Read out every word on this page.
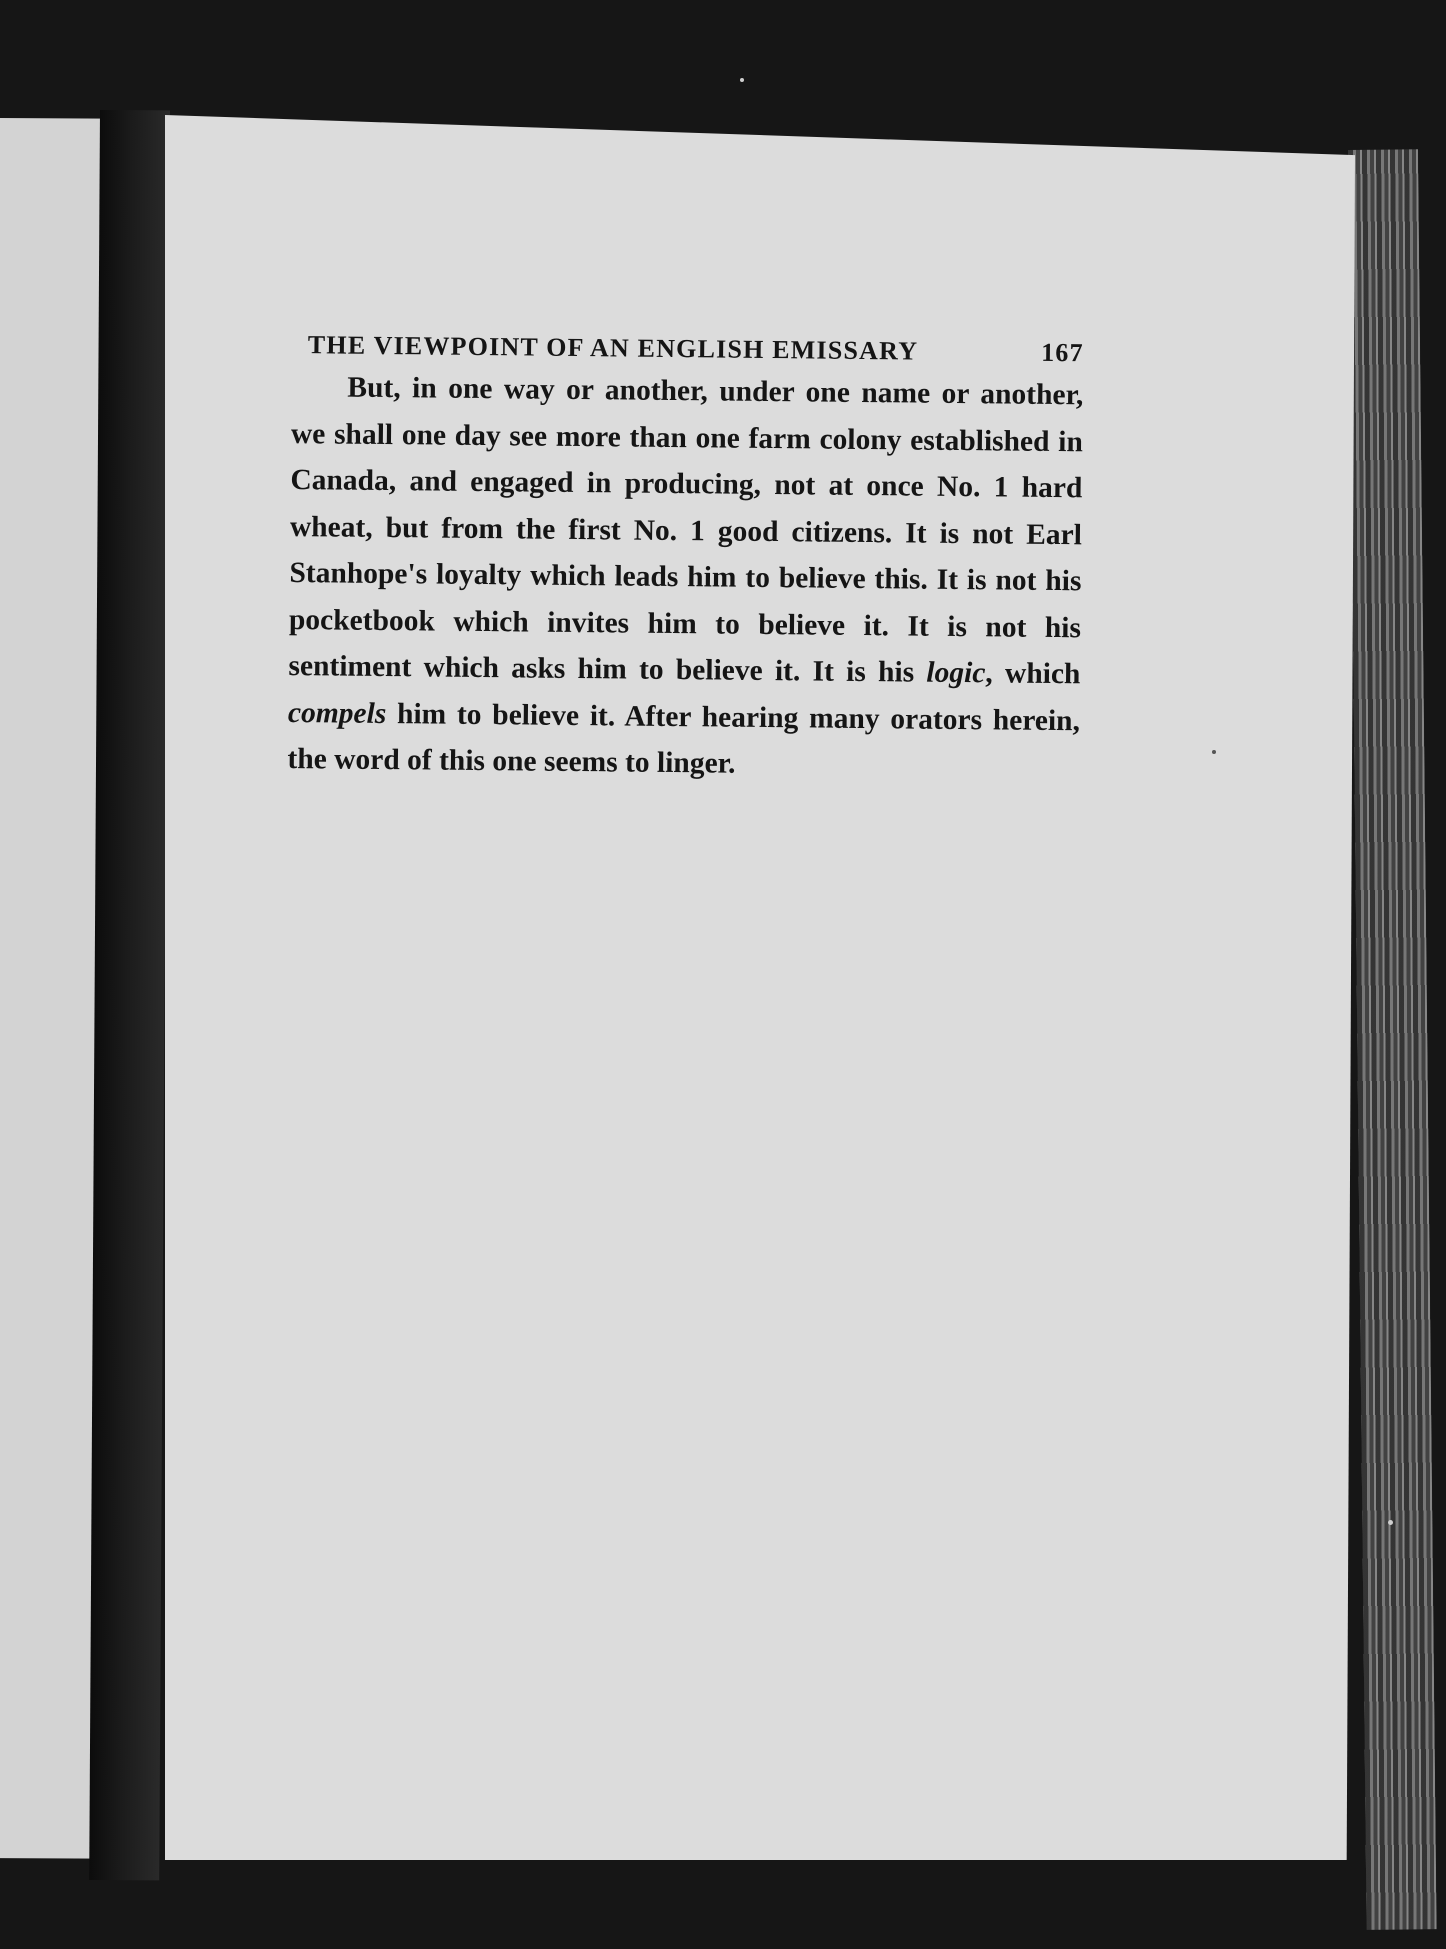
THE VIEWPOINT OF AN ENGLISH EMISSARY	167

But, in one way or another, under one name or another, we shall one day see more than one farm colony established in Canada, and engaged in producing, not at once No. 1 hard wheat, but from the first No. 1 good citizens. It is not Earl Stanhope's loyalty which leads him to believe this. It is not his pocketbook which invites him to believe it. It is not his sentiment which asks him to believe it. It is his logic, which compels him to believe it. After hearing many orators herein, the word of this one seems to linger.
